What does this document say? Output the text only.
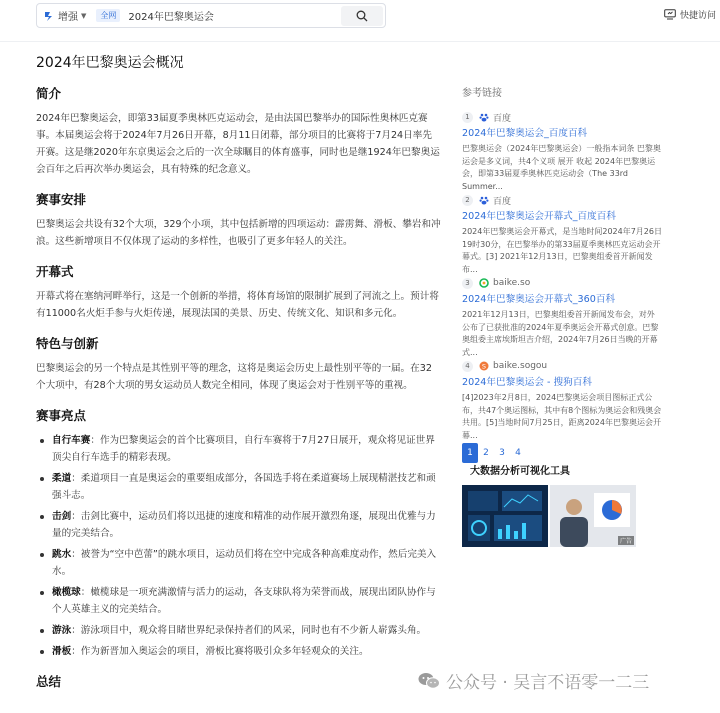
增强 ▼	全网	2024年巴黎奥运会	快捷访问
2024年巴黎奥运会概况
简介

2024年巴黎奥运会，即第33届夏季奥林匹克运动会，是由法国巴黎举办的国际性奥林匹克赛事。本届奥运会将于2024年7月26日开幕，8月11日闭幕，部分项目的比赛将于7月24日率先开赛。这是继2020年东京奥运会之后的一次全球瞩目的体育盛事，同时也是继1924年巴黎奥运会百年之后再次举办奥运会，具有特殊的纪念意义。

赛事安排

巴黎奥运会共设有32个大项，329个小项，其中包括新增的四项运动：霹雳舞、滑板、攀岩和冲浪。这些新增项目不仅体现了运动的多样性，也吸引了更多年轻人的关注。

开幕式

开幕式将在塞纳河畔举行，这是一个创新的举措，将体育场馆的限制扩展到了河流之上。预计将有11000名火炬手参与火炬传递，展现法国的美景、历史、传统文化、知识和多元化。

特色与创新

巴黎奥运会的另一个特点是其性别平等的理念，这将是奥运会历史上最性别平等的一届。在32个大项中，有28个大项的男女运动员人数完全相同，体现了奥运会对于性别平等的重视。

赛事亮点
自行车赛：作为巴黎奥运会的首个比赛项目，自行车赛将于7月27日展开，观众将见证世界顶尖自行车选手的精彩表现。
柔道：柔道项目一直是奥运会的重要组成部分，各国选手将在柔道赛场上展现精湛技艺和顽强斗志。
击剑：击剑比赛中，运动员们将以迅捷的速度和精准的动作展开激烈角逐，展现出优雅与力量的完美结合。
跳水：被誉为“空中芭蕾”的跳水项目，运动员们将在空中完成各种高难度动作，然后完美入水。
橄榄球：橄榄球是一项充满激情与活力的运动，各支球队将为荣誉而战，展现出团队协作与个人英雄主义的完美结合。
游泳：游泳项目中，观众将目睹世界纪录保持者们的风采，同时也有不少新人崭露头角。
滑板：作为新晋加入奥运会的项目，滑板比赛将吸引众多年轻观众的关注。
总结
参考链接
1	百度
2024年巴黎奥运会_百度百科
巴黎奥运会（2024年巴黎奥运会）一般指本词条 巴黎奥运会是多义词，共4个义项 展开 收起 2024年巴黎奥运会，即第33届夏季奥林匹克运动会（The 33rd Summer...
2	百度
2024年巴黎奥运会开幕式_百度百科
2024年巴黎奥运会开幕式，是当地时间2024年7月26日19时30分，在巴黎举办的第33届夏季奥林匹克运动会开幕式。[3] 2021年12月13日，巴黎奥组委首开新闻发布...
3	baike.so
2024年巴黎奥运会开幕式_360百科
2021年12月13日，巴黎奥组委首开新闻发布会，对外公布了已获批准的2024年夏季奥运会开幕式创意。巴黎奥组委主席埃斯坦吉介绍，2024年7月26日当晚的开幕式...
4	S baike.sogou
2024年巴黎奥运会 - 搜狗百科
[4]2023年2月8日，2024巴黎奥运会项目图标正式公布，共47个奥运图标，其中有8个图标为奥运会和残奥会共用。[5]当地时间7月25日，距离2024年巴黎奥运会开幕...
1	2	3	4
大数据分析可视化工具
广告
公众号 · 吴言不语零一二三
